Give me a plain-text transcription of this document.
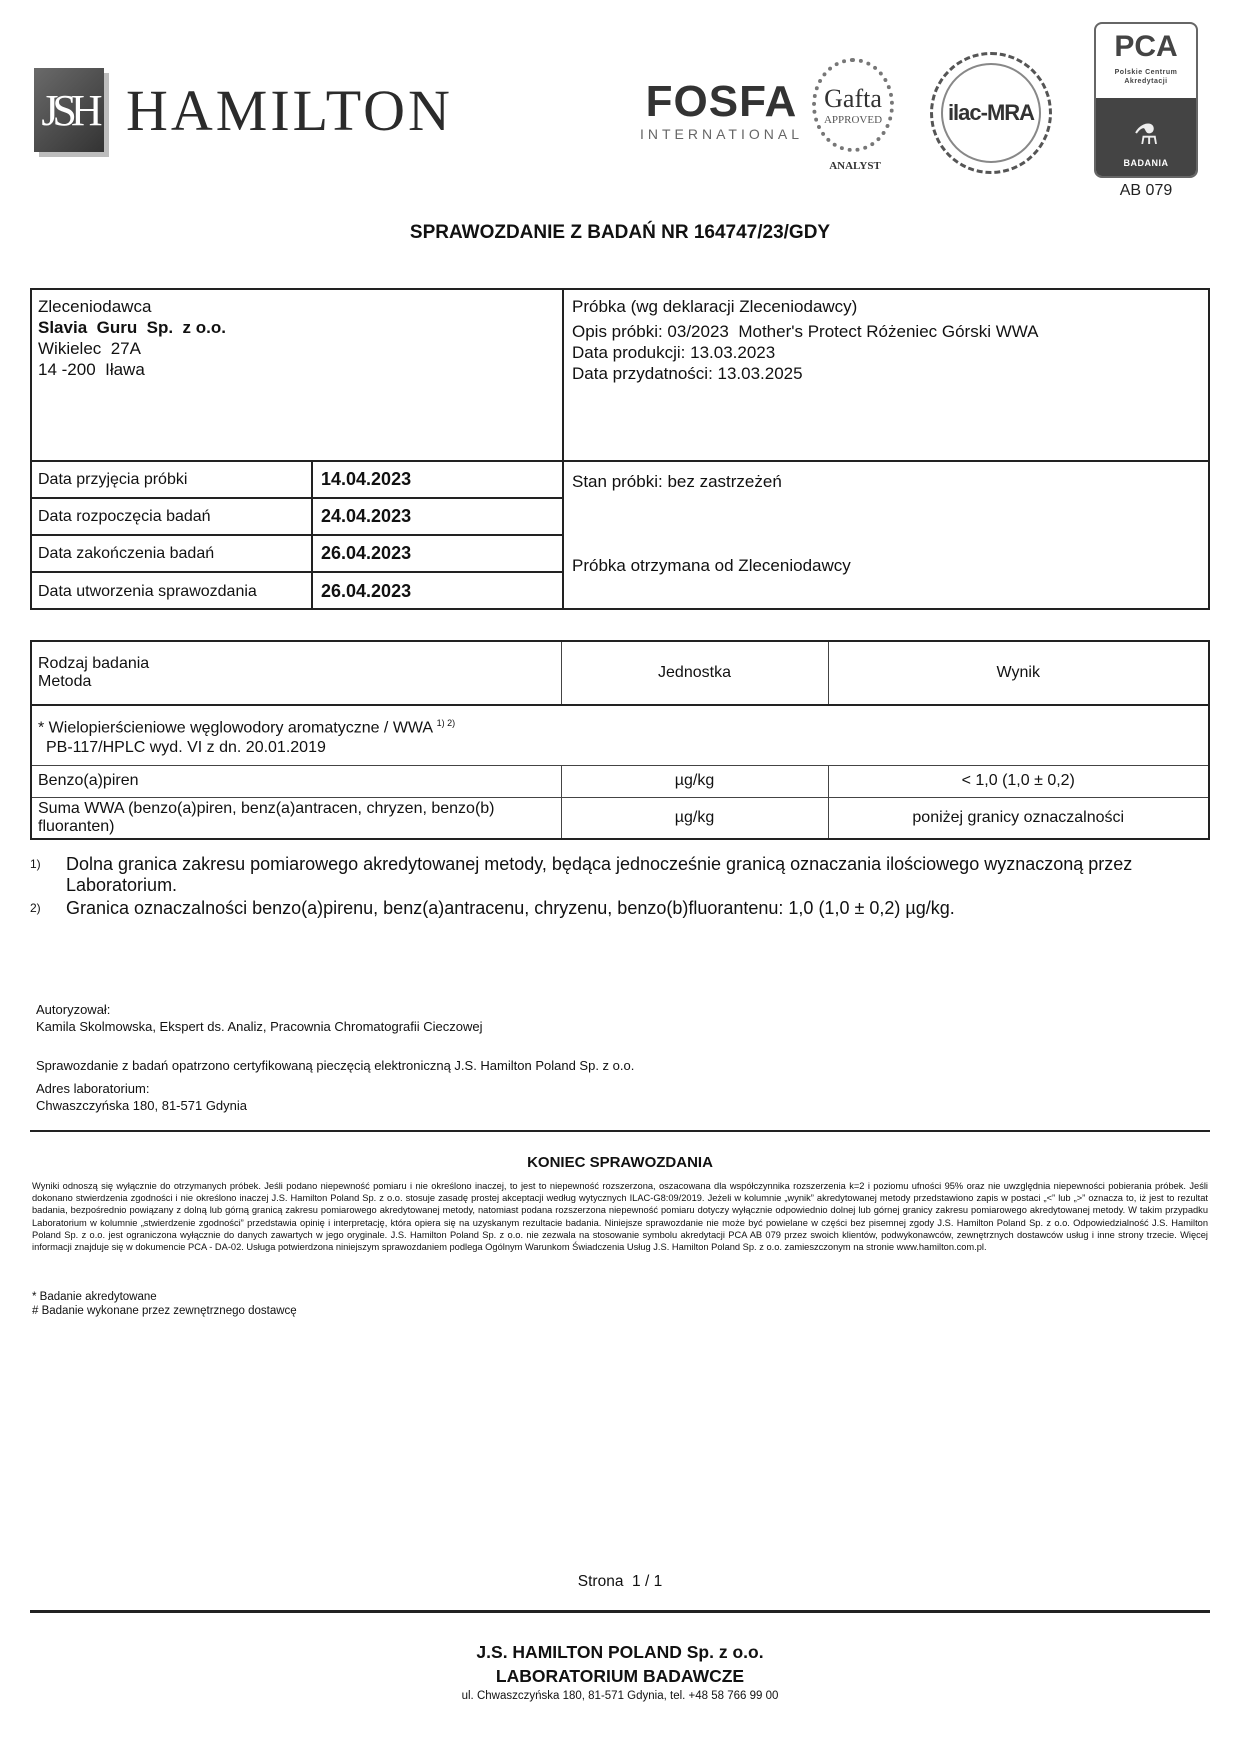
JSH HAMILTON	FOSFA
INTERNATIONAL
Gafta
APPROVED
ANALYST
ilac-MRA
PCA
Polskie Centrum
Akredytacji
⚗
BADANIA
AB 079
SPRAWOZDANIE Z BADAŃ NR 164747/23/GDY
Zleceniodawca
Slavia  Guru  Sp.  z o.o.
Wikielec  27A
14 -200  Iława
Próbka (wg deklaracji Zleceniodawcy)
Opis próbki: 03/2023  Mother's Protect Różeniec Górski WWA
Data produkcji: 13.03.2023
Data przydatności: 13.03.2025
Data przyjęcia próbki	14.04.2023
Data rozpoczęcia badań	24.04.2023
Data zakończenia badań	26.04.2023
Data utworzenia sprawozdania	26.04.2023
Stan próbki: bez zastrzeżeń
Próbka otrzymana od Zleceniodawcy
Rodzaj badania
Metoda	Jednostka	Wynik

* Wielopierścieniowe węglowodory aromatyczne / WWA $^{1) 2)}$
PB-117/HPLC wyd. VI z dn. 20.01.2019		

Benzo(a)piren	µg/kg	< 1,0 (1,0 ± 0,2)
Suma WWA (benzo(a)piren, benz(a)antracen, chryzen, benzo(b) fluoranten)	µg/kg	poniżej granicy oznaczalności
1)	Dolna granica zakresu pomiarowego akredytowanej metody, będąca jednocześnie granicą oznaczania ilościowego wyznaczoną przez Laboratorium.
2)	Granica oznaczalności benzo(a)pirenu, benz(a)antracenu, chryzenu, benzo(b)fluorantenu: 1,0 (1,0 ± 0,2) µg/kg.
Autoryzował:
Kamila Skolmowska, Ekspert ds. Analiz, Pracownia Chromatografii Cieczowej
Sprawozdanie z badań opatrzono certyfikowaną pieczęcią elektroniczną J.S. Hamilton Poland Sp. z o.o.
Adres laboratorium:
Chwaszczyńska 180, 81-571 Gdynia
KONIEC SPRAWOZDANIA
Wyniki odnoszą się wyłącznie do otrzymanych próbek. Jeśli podano niepewność pomiaru i nie określono inaczej, to jest to niepewność rozszerzona, oszacowana dla współczynnika rozszerzenia k=2 i poziomu ufności 95% oraz nie uwzględnia niepewności pobierania próbek. Jeśli dokonano stwierdzenia zgodności i nie określono inaczej J.S. Hamilton Poland Sp. z o.o. stosuje zasadę prostej akceptacji według wytycznych ILAC-G8:09/2019. Jeżeli w kolumnie „wynik” akredytowanej metody przedstawiono zapis w postaci „<” lub „>” oznacza to, iż jest to rezultat badania, bezpośrednio powiązany z dolną lub górną granicą zakresu pomiarowego akredytowanej metody, natomiast podana rozszerzona niepewność pomiaru dotyczy wyłącznie odpowiednio dolnej lub górnej granicy zakresu pomiarowego akredytowanej metody. W takim przypadku Laboratorium w kolumnie „stwierdzenie zgodności” przedstawia opinię i interpretację, która opiera się na uzyskanym rezultacie badania. Niniejsze sprawozdanie nie może być powielane w części bez pisemnej zgody J.S. Hamilton Poland Sp. z o.o. Odpowiedzialność J.S. Hamilton Poland Sp. z o.o. jest ograniczona wyłącznie do danych zawartych w jego oryginale. J.S. Hamilton Poland Sp. z o.o. nie zezwala na stosowanie symbolu akredytacji PCA AB 079 przez swoich klientów, podwykonawców, zewnętrznych dostawców usług i inne strony trzecie. Więcej informacji znajduje się w dokumencie PCA - DA-02. Usługa potwierdzona niniejszym sprawozdaniem podlega Ogólnym Warunkom Świadczenia Usług J.S. Hamilton Poland Sp. z o.o. zamieszczonym na stronie www.hamilton.com.pl.
* Badanie akredytowane
# Badanie wykonane przez zewnętrznego dostawcę
Strona  1 / 1
J.S. HAMILTON POLAND Sp. z o.o.
LABORATORIUM BADAWCZE
ul. Chwaszczyńska 180, 81-571 Gdynia, tel. +48 58 766 99 00
